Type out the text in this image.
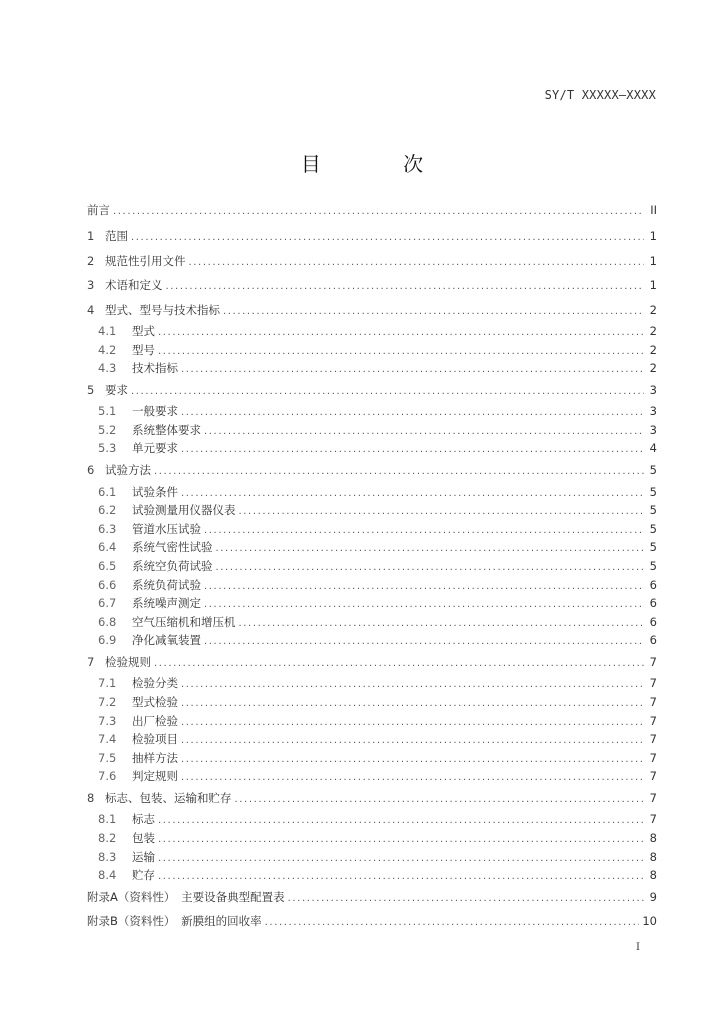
SY/T XXXXX—XXXX
目 次
前言 .....	II
1 范围 .....	1
2 规范性引用文件 .....	1
3 术语和定义 .....	1
4 型式、型号与技术指标 .....	2
4.1	型式 .....	2
4.2	型号 .....	2
4.3	技术指标 .....	2
5 要求 .....	3
5.1	一般要求 .....	3
5.2	系统整体要求 .....	3
5.3	单元要求 .....	4
6 试验方法 .....	5
6.1	试验条件 .....	5
6.2	试验测量用仪器仪表 .....	5
6.3	管道水压试验 .....	5
6.4	系统气密性试验 .....	5
6.5	系统空负荷试验 .....	5
6.6	系统负荷试验 .....	6
6.7	系统噪声测定 .....	6
6.8	空气压缩机和增压机 .....	6
6.9	净化减氧装置 .....	6
7 检验规则 .....	7
7.1	检验分类 .....	7
7.2	型式检验 .....	7
7.3	出厂检验 .....	7
7.4	检验项目 .....	7
7.5	抽样方法 .....	7
7.6	判定规则 .....	7
8 标志、包装、运输和贮存 .....	7
8.1	标志 .....	7
8.2	包装 .....	8
8.3	运输 .....	8
8.4	贮存 .....	8
附录A（资料性）　主要设备典型配置表 .....	9
附录B（资料性）　新膜组的回收率 .....	10
I
